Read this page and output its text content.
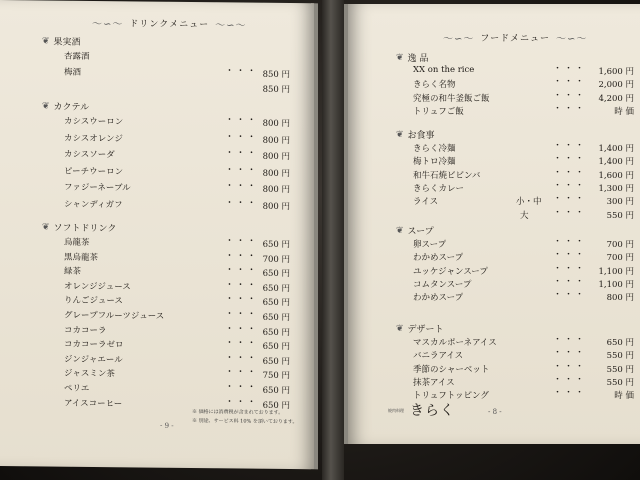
〜∽〜 ドリンクメニュー 〜∽〜
❦ 果実酒
杏露酒
梅酒	・・・ 850 円
850 円
❦ カクテル
カシスウーロン	・・・ 800 円
カシスオレンジ	・・・ 800 円
カシスソーダ	・・・ 800 円
ピーチウーロン	・・・ 800 円
ファジーネーブル	・・・ 800 円
シャンディガフ	・・・ 800 円
❦ ソフトドリンク
烏龍茶	・・・ 650 円
黒烏龍茶	・・・ 700 円
緑茶	・・・ 650 円
オレンジジュース	・・・ 650 円
りんごジュース	・・・ 650 円
グレープフルーツジュース	・・・ 650 円
コカコーラ	・・・ 650 円
コカコーラゼロ	・・・ 650 円
ジンジャエール	・・・ 650 円
ジャスミン茶	・・・ 750 円
ペリエ	・・・ 650 円
アイスコーヒー	・・・ 650 円
※ 価格には消費税が含まれております。
※ 別途、サービス料 10% を頂いております。
- 9 -
〜∽〜 フードメニュー 〜∽〜
❦ 逸 品
XX on the rice	・・・	1,600 円
きらく名物	・・・	2,000 円
究極の和牛釜飯ご飯	・・・	4,200 円
トリュフご飯	・・・	時 価
❦ お食事
きらく冷麺	・・・	1,400 円
梅トロ冷麺	・・・	1,400 円
和牛石焼ビビンバ	・・・	1,600 円
きらくカレー	・・・	1,300 円
ライス	小・中 ・・・	300 円
大	・・・	550 円
❦ スープ
卵スープ	・・・	700 円
わかめスープ	・・・	700 円
ユッケジャンスープ	・・・	1,100 円
コムタンスープ	・・・	1,100 円
わかめスープ	・・・	800 円
❦ デザート
マスカルポーネアイス	・・・	650 円
バニラアイス	・・・	550 円
季節のシャーベット	・・・	550 円
抹茶アイス	・・・	550 円
トリュフトッピング	・・・	時 価
焼肉料理 きらく	- 8 -
